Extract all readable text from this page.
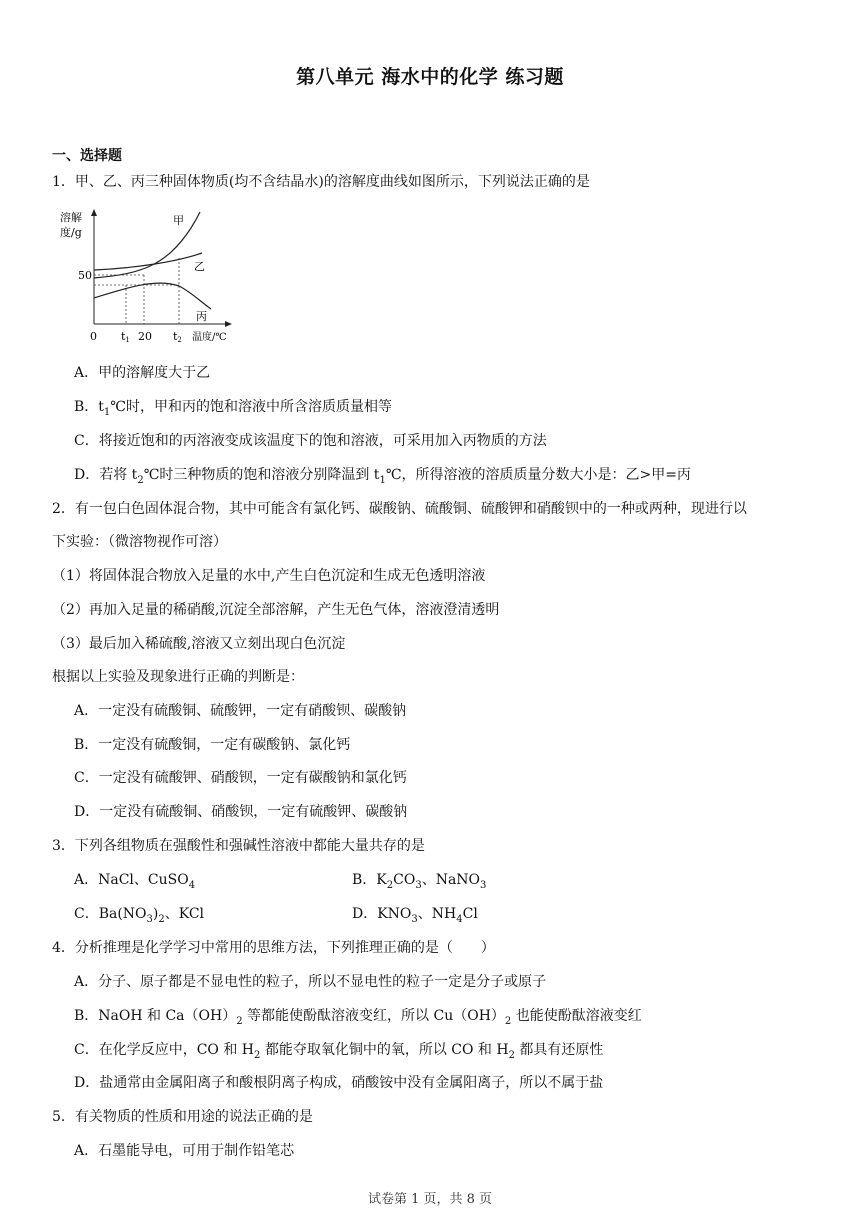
第八单元 海水中的化学 练习题
一、选择题
1．甲、乙、丙三种固体物质(均不含结晶水)的溶解度曲线如图所示，下列说法正确的是
溶解
度/g
50
甲
乙
丙
0 t1 20 t2 温度/℃
A．甲的溶解度大于乙
B．$t_1℃$时，甲和丙的饱和溶液中所含溶质质量相等
C．将接近饱和的丙溶液变成该温度下的饱和溶液，可采用加入丙物质的方法
D．若将 $t_2℃$时三种物质的饱和溶液分别降温到 $t_1℃$，所得溶液的溶质质量分数大小是：乙>甲=丙
2．有一包白色固体混合物，其中可能含有氯化钙、碳酸钠、硫酸铜、硫酸钾和硝酸钡中的一种或两种，现进行以
下实验：（微溶物视作可溶）
（1）将固体混合物放入足量的水中,产生白色沉淀和生成无色透明溶液
（2）再加入足量的稀硝酸,沉淀全部溶解，产生无色气体，溶液澄清透明
（3）最后加入稀硫酸,溶液又立刻出现白色沉淀
根据以上实验及现象进行正确的判断是：
A．一定没有硫酸铜、硫酸钾，一定有硝酸钡、碳酸钠
B．一定没有硫酸铜，一定有碳酸钠、氯化钙
C．一定没有硫酸钾、硝酸钡，一定有碳酸钠和氯化钙
D．一定没有硫酸铜、硝酸钡，一定有硫酸钾、碳酸钠
3．下列各组物质在强酸性和强碱性溶液中都能大量共存的是
A．NaCl、CuSO$_4$	B．$K_2CO_3$、NaNO$_3$
C．$Ba(NO_3)_2$、KCl	D．$KNO_3$、$NH_4Cl$
4．分析推理是化学学习中常用的思维方法，下列推理正确的是（　　）
A．分子、原子都是不显电性的粒子，所以不显电性的粒子一定是分子或原子
B．NaOH 和 $Ca(OH)_2$ 等都能使酚酞溶液变红，所以 $Cu(OH)_2$ 也能使酚酞溶液变红
C．在化学反应中，CO 和 $H_2$ 都能夺取氧化铜中的氧，所以 CO 和 $H_2$ 都具有还原性
D．盐通常由金属阳离子和酸根阴离子构成，硝酸铵中没有金属阳离子，所以不属于盐
5．有关物质的性质和用途的说法正确的是
A．石墨能导电，可用于制作铅笔芯
试卷第 1 页，共 8 页
